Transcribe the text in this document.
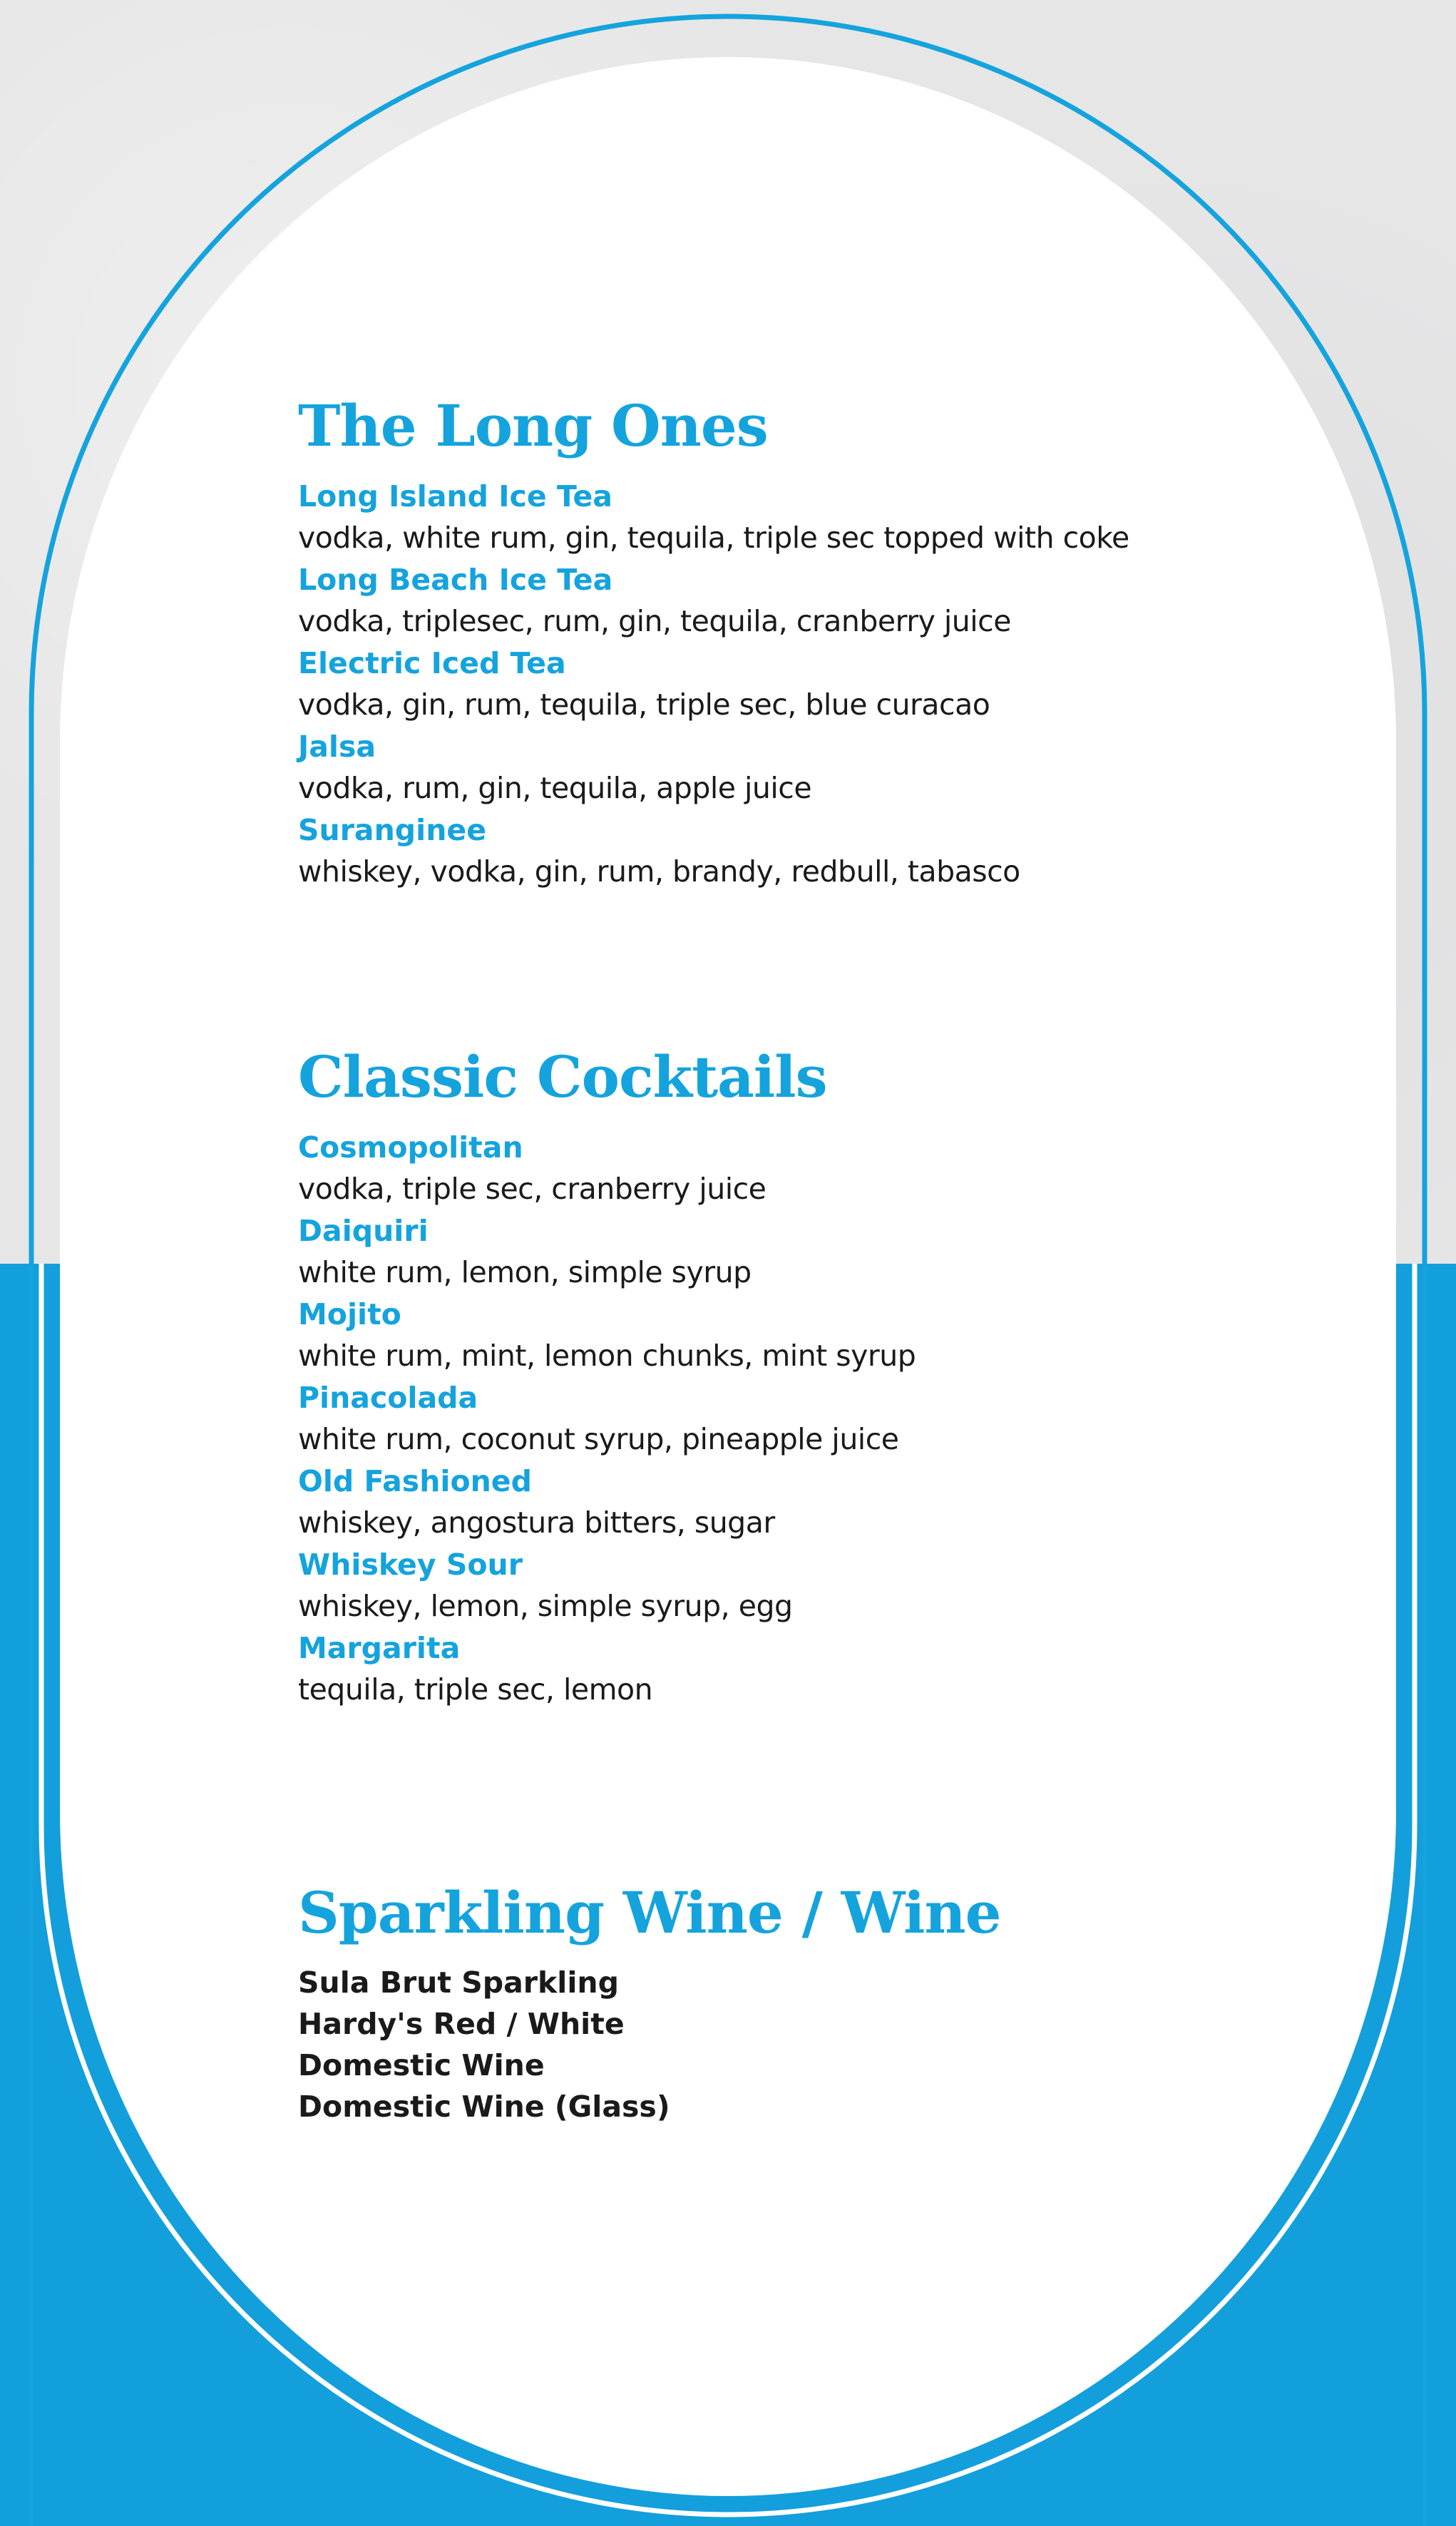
The Long Ones
Long Island Ice Tea
vodka, white rum, gin, tequila, triple sec topped with coke
Long Beach Ice Tea
vodka, triplesec, rum, gin, tequila, cranberry juice
Electric Iced Tea
vodka, gin, rum, tequila, triple sec, blue curacao
Jalsa
vodka, rum, gin, tequila, apple juice
Suranginee
whiskey, vodka, gin, rum, brandy, redbull, tabasco
Classic Cocktails
Cosmopolitan
vodka, triple sec, cranberry juice
Daiquiri
white rum, lemon, simple syrup
Mojito
white rum, mint, lemon chunks, mint syrup
Pinacolada
white rum, coconut syrup, pineapple juice
Old Fashioned
whiskey, angostura bitters, sugar
Whiskey Sour
whiskey, lemon, simple syrup, egg
Margarita
tequila, triple sec, lemon
Sparkling Wine / Wine
Sula Brut Sparkling
Hardy's Red / White
Domestic Wine
Domestic Wine (Glass)
